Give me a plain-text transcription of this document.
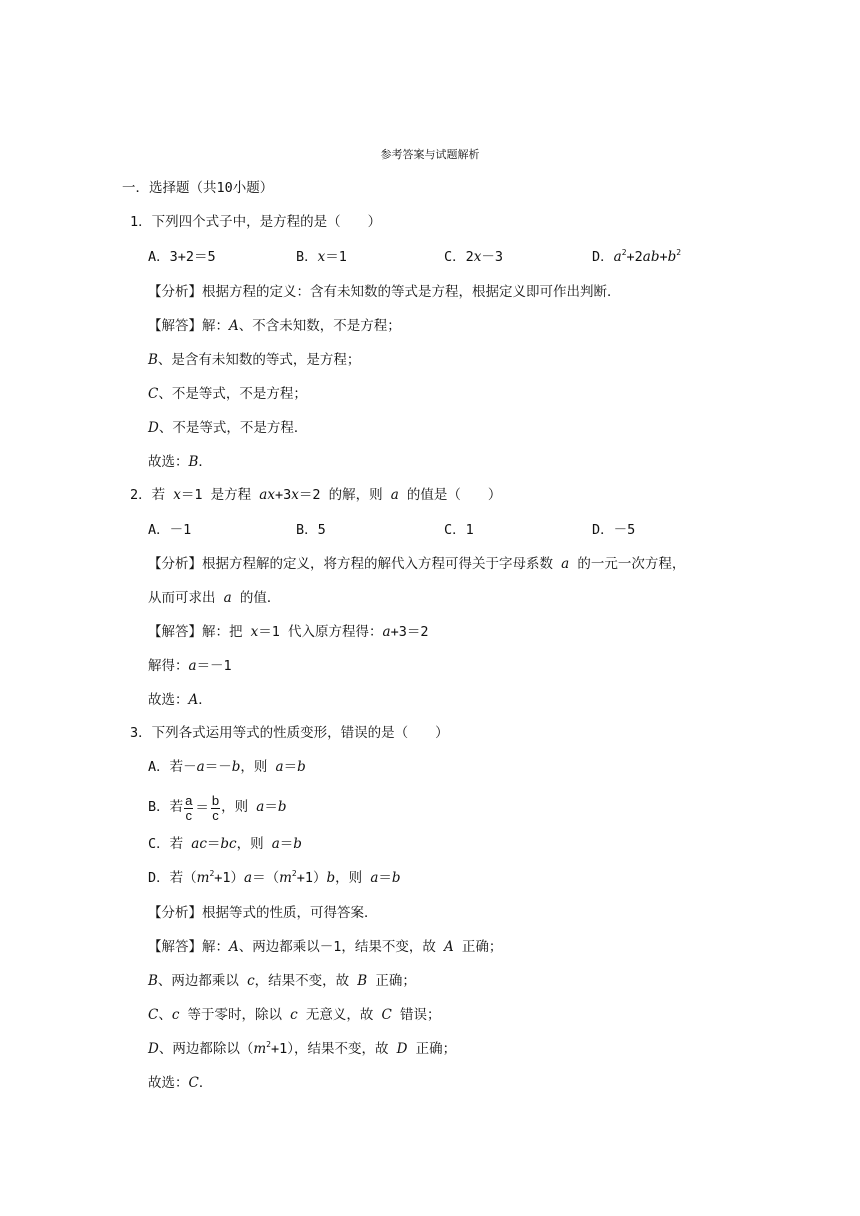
参考答案与试题解析
一．选择题（共10小题）
1．下列四个式子中，是方程的是（　　）
A．3+2＝5	B．x＝1	C．2x－3	D．$a^2+2ab+b^2$
【分析】根据方程的定义：含有未知数的等式是方程，根据定义即可作出判断．
【解答】解：A、不含未知数，不是方程；
B、是含有未知数的等式，是方程；
C、不是等式，不是方程；
D、不是等式，不是方程．
故选：B．
2．若 x＝1 是方程 ax+3x＝2 的解，则 a 的值是（　　）
A．－1	B．5	C．1	D．－5
【分析】根据方程解的定义，将方程的解代入方程可得关于字母系数 a 的一元一次方程，
从而可求出 a 的值．
【解答】解：把 x＝1 代入原方程得：a+3＝2
解得：a＝－1
故选：A．
3．下列各式运用等式的性质变形，错误的是（　　）
A．若－a＝－b，则 a＝b
B．若 $\frac{a}{c} = \frac{b}{c}$ ，则 a＝b
C．若 ac＝bc，则 a＝b
D．若$(m^2+1)a=(m^2+1)b$，则 a＝b
【分析】根据等式的性质，可得答案．
【解答】解：A、两边都乘以－1，结果不变，故 A 正确；
B、两边都乘以 c，结果不变，故 B 正确；
C、c 等于零时，除以 c 无意义，故 C 错误；
D、两边都除以$(m^2+1)$，结果不变，故 D 正确；
故选：C．
